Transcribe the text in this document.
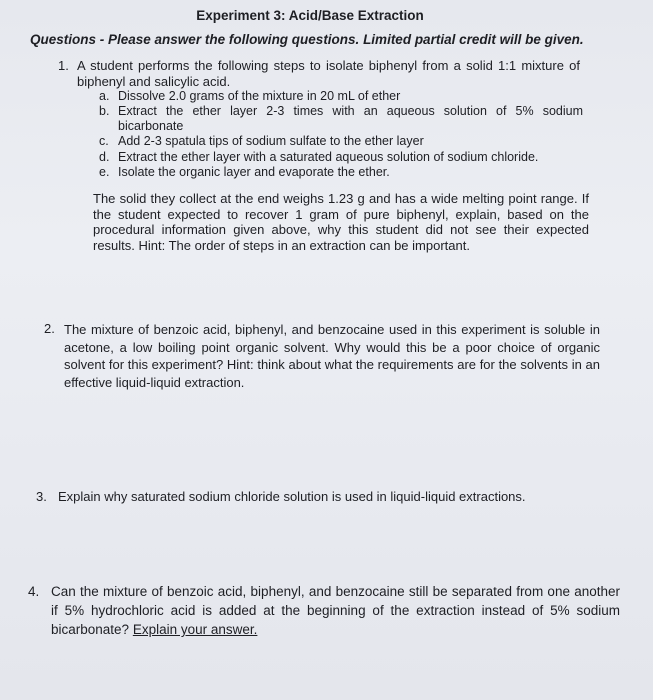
Experiment 3: Acid/Base Extraction
Questions - Please answer the following questions. Limited partial credit will be given.
1. A student performs the following steps to isolate biphenyl from a solid 1:1 mixture of biphenyl and salicylic acid.
a. Dissolve 2.0 grams of the mixture in 20 mL of ether
b. Extract the ether layer 2-3 times with an aqueous solution of 5% sodium bicarbonate
c. Add 2-3 spatula tips of sodium sulfate to the ether layer
d. Extract the ether layer with a saturated aqueous solution of sodium chloride.
e. Isolate the organic layer and evaporate the ether.
The solid they collect at the end weighs 1.23 g and has a wide melting point range. If the student expected to recover 1 gram of pure biphenyl, explain, based on the procedural information given above, why this student did not see their expected results. Hint: The order of steps in an extraction can be important.
2. The mixture of benzoic acid, biphenyl, and benzocaine used in this experiment is soluble in acetone, a low boiling point organic solvent. Why would this be a poor choice of organic solvent for this experiment? Hint: think about what the requirements are for the solvents in an effective liquid-liquid extraction.
3. Explain why saturated sodium chloride solution is used in liquid-liquid extractions.
4. Can the mixture of benzoic acid, biphenyl, and benzocaine still be separated from one another if 5% hydrochloric acid is added at the beginning of the extraction instead of 5% sodium bicarbonate? Explain your answer.
